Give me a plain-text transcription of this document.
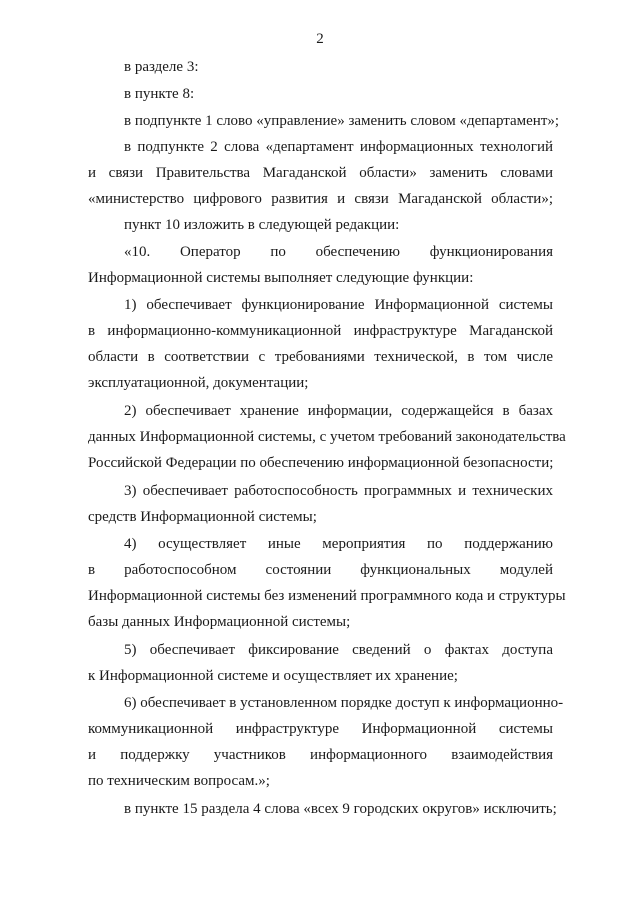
2
в разделе 3:
в пункте 8:
в подпункте 1 слово «управление» заменить словом «департамент»;
в подпункте 2 слова «департамент информационных технологий
и связи Правительства Магаданской области» заменить словами
«министерство цифрового развития и связи Магаданской области»;
пункт 10 изложить в следующей редакции:
«10. Оператор по обеспечению функционирования
Информационной системы выполняет следующие функции:
1) обеспечивает функционирование Информационной системы
в информационно-коммуникационной инфраструктуре Магаданской
области в соответствии с требованиями технической, в том числе
эксплуатационной, документации;
2) обеспечивает хранение информации, содержащейся в базах
данных Информационной системы, с учетом требований законодательства
Российской Федерации по обеспечению информационной безопасности;
3) обеспечивает работоспособность программных и технических
средств Информационной системы;
4) осуществляет иные мероприятия по поддержанию
в работоспособном состоянии функциональных модулей
Информационной системы без изменений программного кода и структуры
базы данных Информационной системы;
5) обеспечивает фиксирование сведений о фактах доступа
к Информационной системе и осуществляет их хранение;
6) обеспечивает в установленном порядке доступ к информационно-
коммуникационной инфраструктуре Информационной системы
и поддержку участников информационного взаимодействия
по техническим вопросам.»;
в пункте 15 раздела 4 слова «всех 9 городских округов» исключить;
